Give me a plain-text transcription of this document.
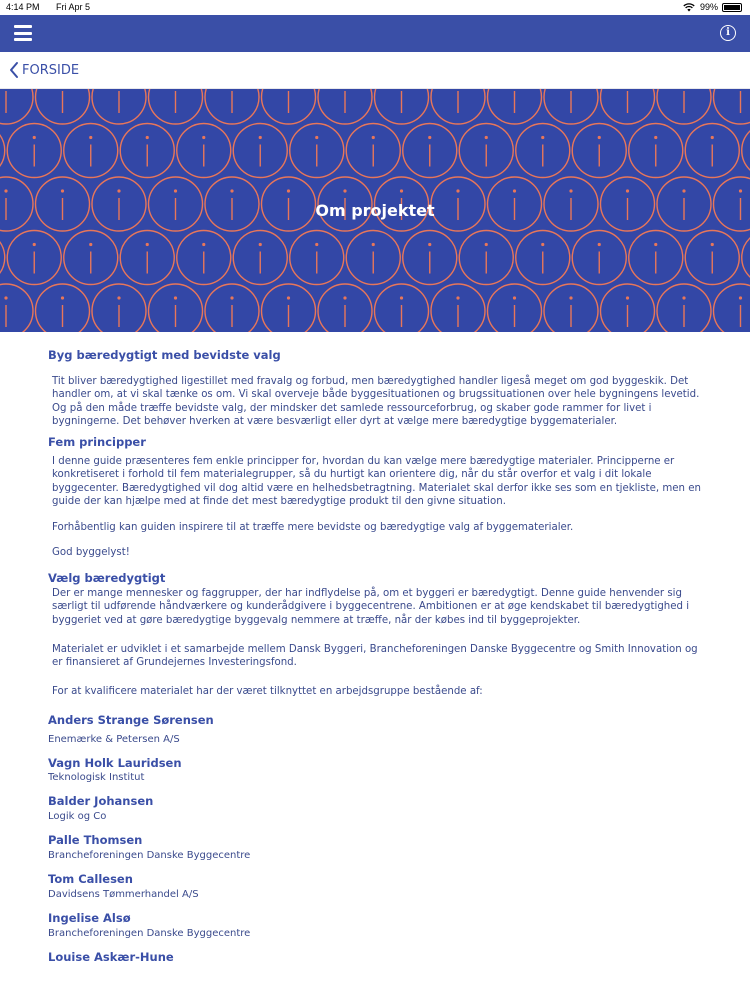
4:14 PM Fri Apr 5	99%
i
FORSIDE
Om projektet
Byg bæredygtigt med bevidste valg

Tit bliver bæredygtighed ligestillet med fravalg og forbud, men bæredygtighed handler ligeså meget om god byggeskik. Det handler om, at vi skal tænke os om. Vi skal overveje både byggesituationen og brugssituationen over hele bygningens levetid. Og på den måde træffe bevidste valg, der mindsker det samlede ressourceforbrug, og skaber gode rammer for livet i bygningerne. Det behøver hverken at være besværligt eller dyrt at vælge mere bæredygtige byggematerialer.

Fem principper

I denne guide præsenteres fem enkle principper for, hvordan du kan vælge mere bæredygtige materialer. Principperne er konkretiseret i forhold til fem materialegrupper, så du hurtigt kan orientere dig, når du står overfor et valg i dit lokale byggecenter. Bæredygtighed vil dog altid være en helhedsbetragtning. Materialet skal derfor ikke ses som en tjekliste, men en guide der kan hjælpe med at finde det mest bæredygtige produkt til den givne situation.

Forhåbentlig kan guiden inspirere til at træffe mere bevidste og bæredygtige valg af byggematerialer.

God byggelyst!

Vælg bæredygtigt

Der er mange mennesker og faggrupper, der har indflydelse på, om et byggeri er bæredygtigt. Denne guide henvender sig særligt til udførende håndværkere og kunderådgivere i byggecentrene. Ambitionen er at øge kendskabet til bæredygtighed i byggeriet ved at gøre bæredygtige byggevalg nemmere at træffe, når der købes ind til byggeprojekter.

Materialet er udviklet i et samarbejde mellem Dansk Byggeri, Brancheforeningen Danske Byggecentre og Smith Innovation og er finansieret af Grundejernes Investeringsfond.

For at kvalificere materialet har der været tilknyttet en arbejdsgruppe bestående af:

Anders Strange Sørensen
Enemærke & Petersen A/S
Vagn Holk Lauridsen
Teknologisk Institut
Balder Johansen
Logik og Co
Palle Thomsen
Brancheforeningen Danske Byggecentre
Tom Callesen
Davidsens Tømmerhandel A/S
Ingelise Alsø
Brancheforeningen Danske Byggecentre
Louise Askær-Hune
